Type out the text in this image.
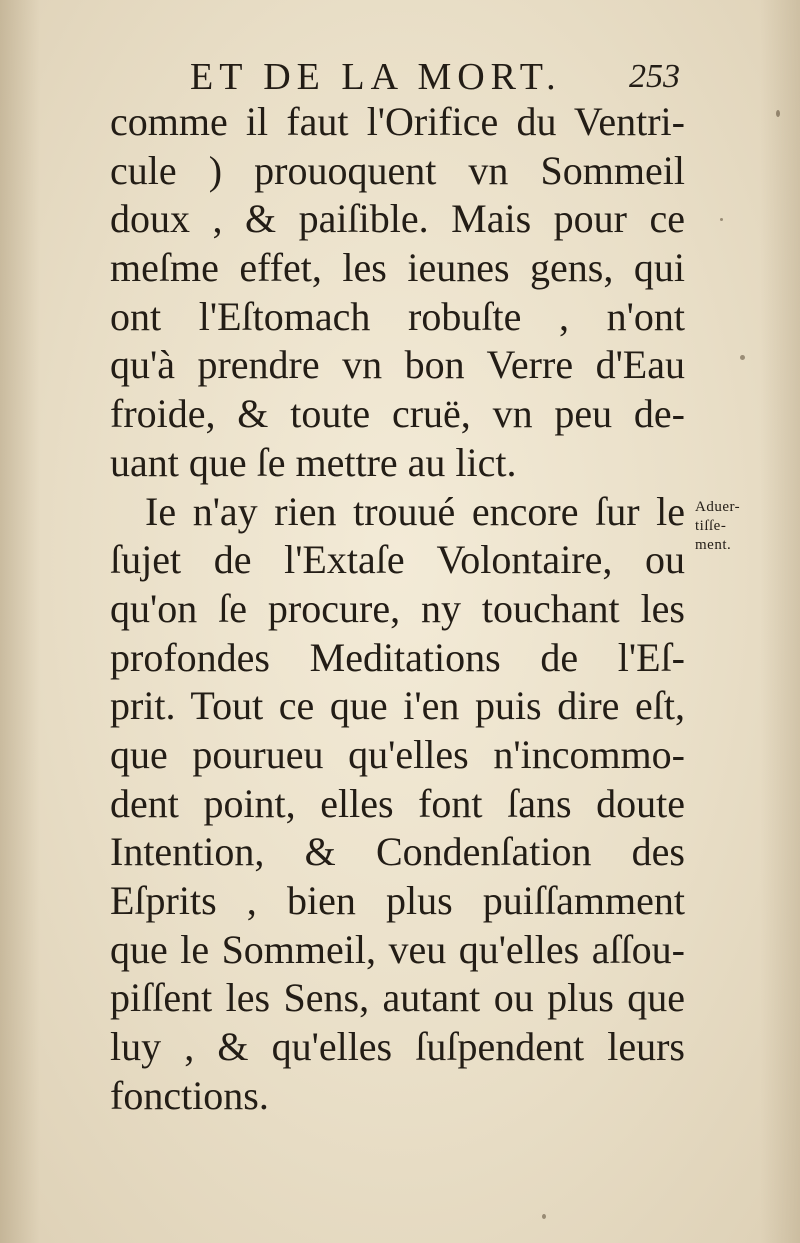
ET DE LA MORT. 253
comme il faut l'Orifice du Ventri-
cule ) prouoquent vn Sommeil
doux , & paiſible. Mais pour ce
meſme effet, les ieunes gens, qui
ont l'Eſtomach robuſte , n'ont
qu'à prendre vn bon Verre d'Eau
froide, & toute cruë, vn peu de-
uant que ſe mettre au lict.
Ie n'ay rien trouué encore ſur le
ſujet de l'Extaſe Volontaire, ou
qu'on ſe procure, ny touchant les
profondes Meditations de l'Eſ-
prit. Tout ce que i'en puis dire eſt,
que pourueu qu'elles n'incommo-
dent point, elles font ſans doute
Intention, & Condenſation des
Eſprits , bien plus puiſſamment
que le Sommeil, veu qu'elles aſſou-
piſſent les Sens, autant ou plus que
luy , & qu'elles ſuſpendent leurs
fonctions.
Aduer-
tiſſe-
ment.
